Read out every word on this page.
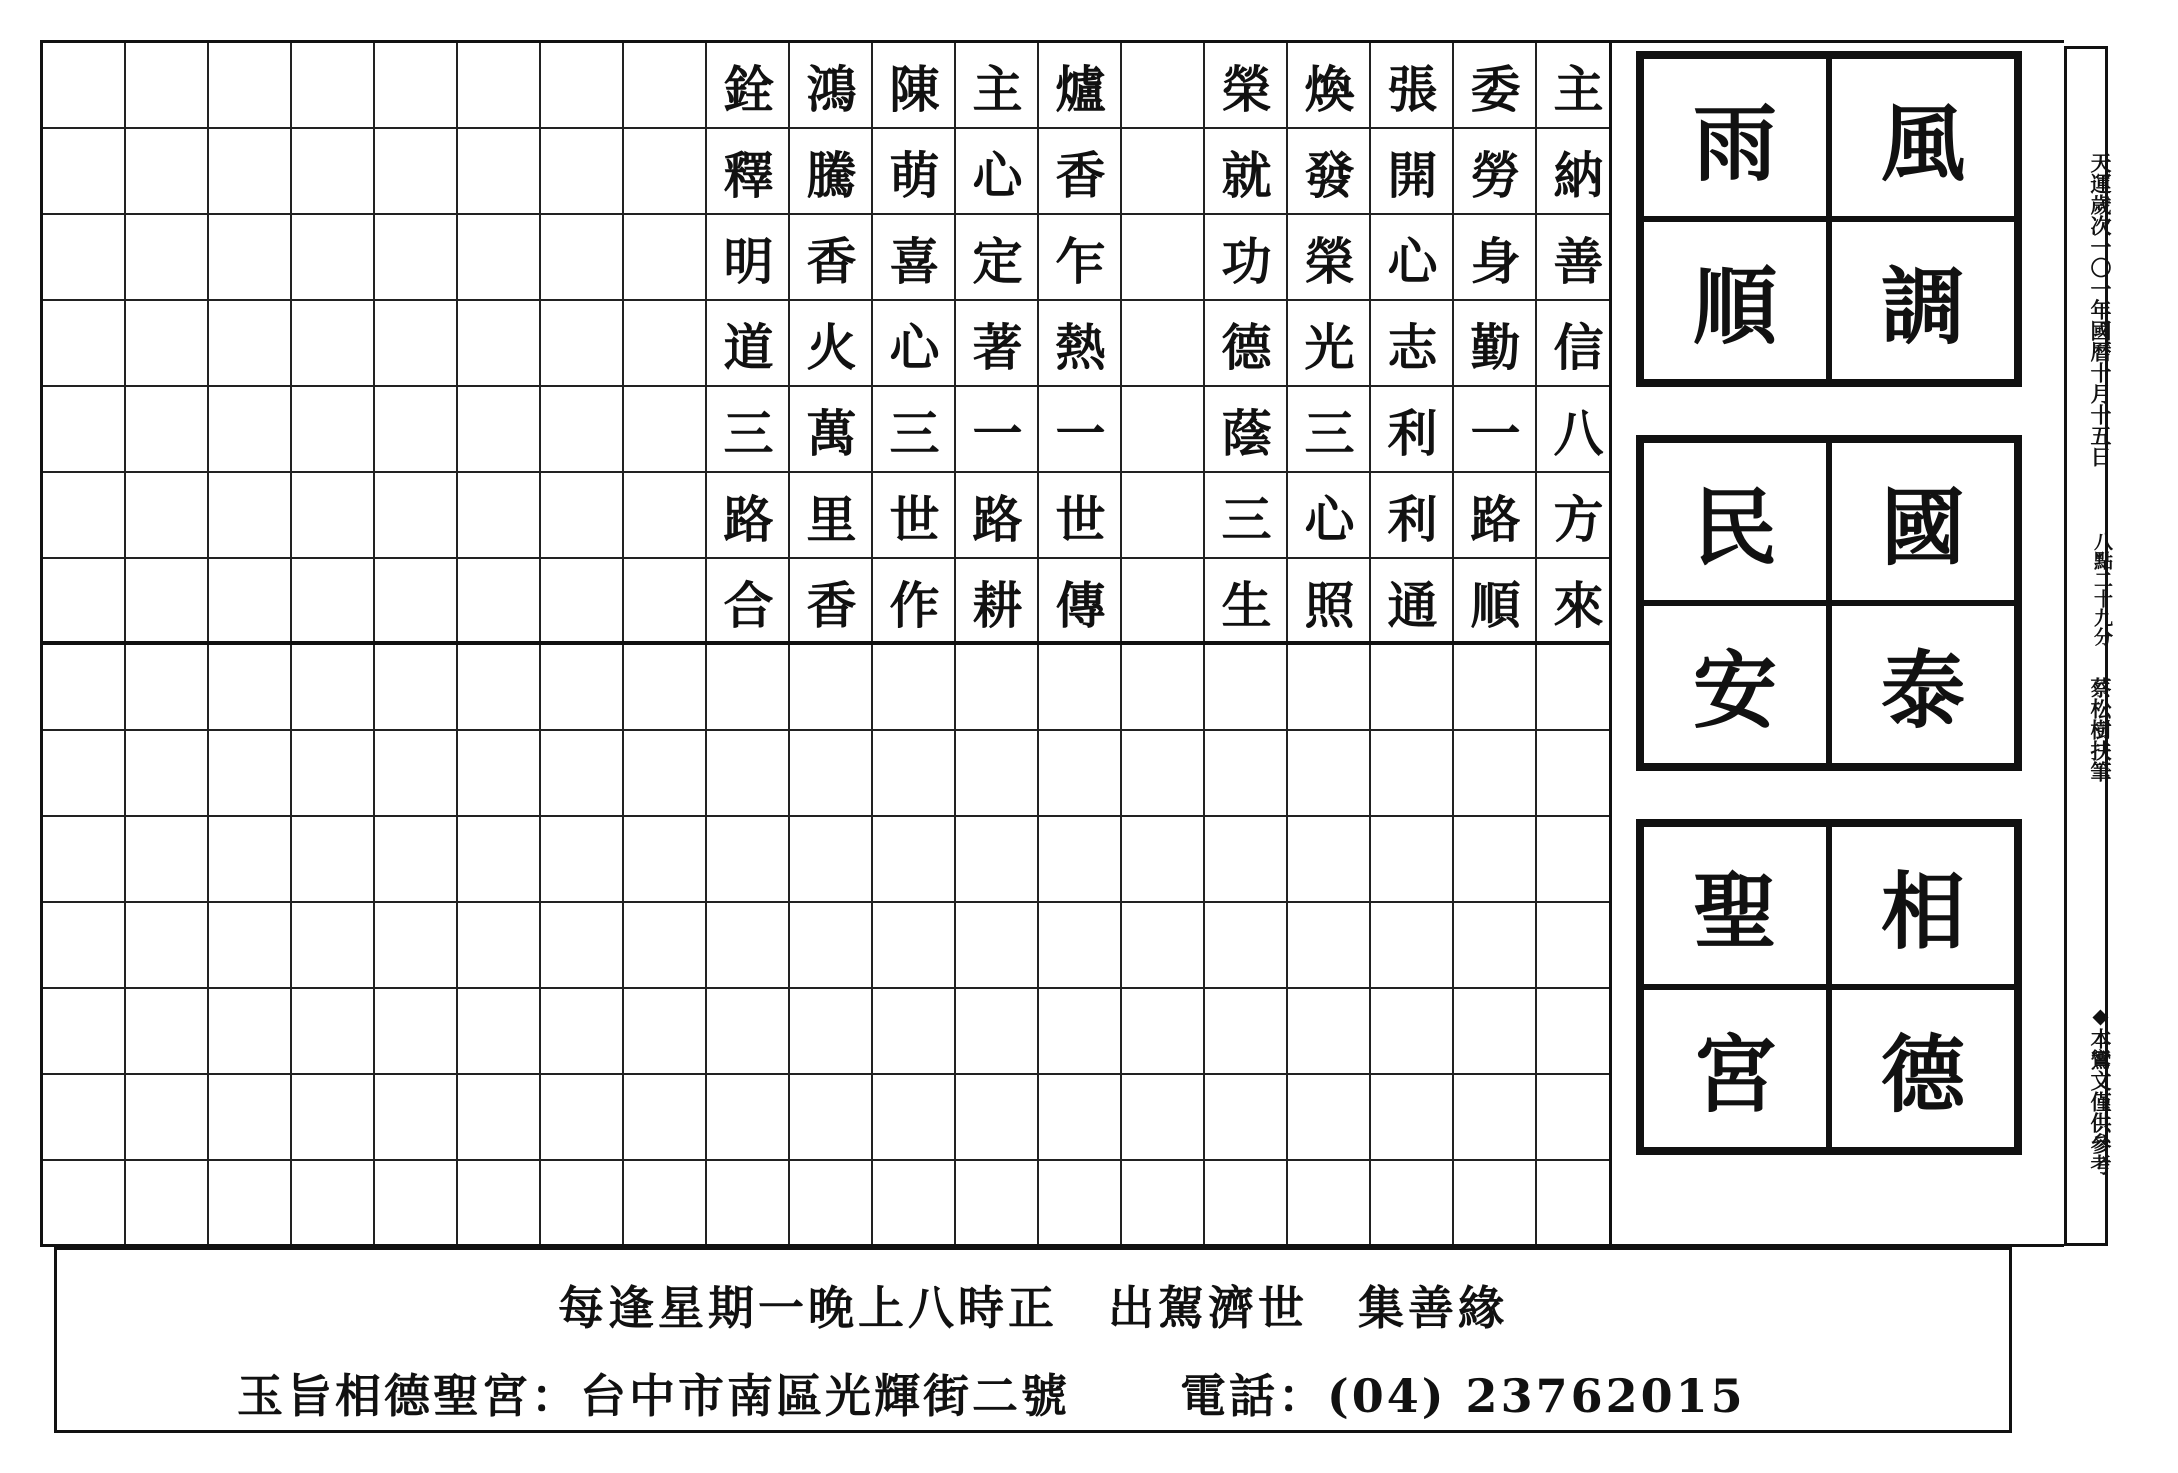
銓
釋
明
道
三
路
合
鴻
騰
香
火
萬
里
香
陳
萌
喜
心
三
世
作
主
心
定
著
一
路
耕
爐
香
乍
熱
一
世
傳
榮
就
功
德
蔭
三
生
煥
發
榮
光
三
心
照
張
開
心
志
利
利
通
委
勞
身
勤
一
路
順
主
納
善
信
八
方
來
雨	風
順	調
民	國
安	泰
聖	相
宮	德
天運歲次一〇一年國曆十月十五日
八點二十九分
蔡松樹扶筆
◆本鸞文僅供參考
每逢星期一晚上八時正　出駕濟世　集善緣
玉旨相德聖宮：台中市南區光輝街二號 電話：(04) 23762015
